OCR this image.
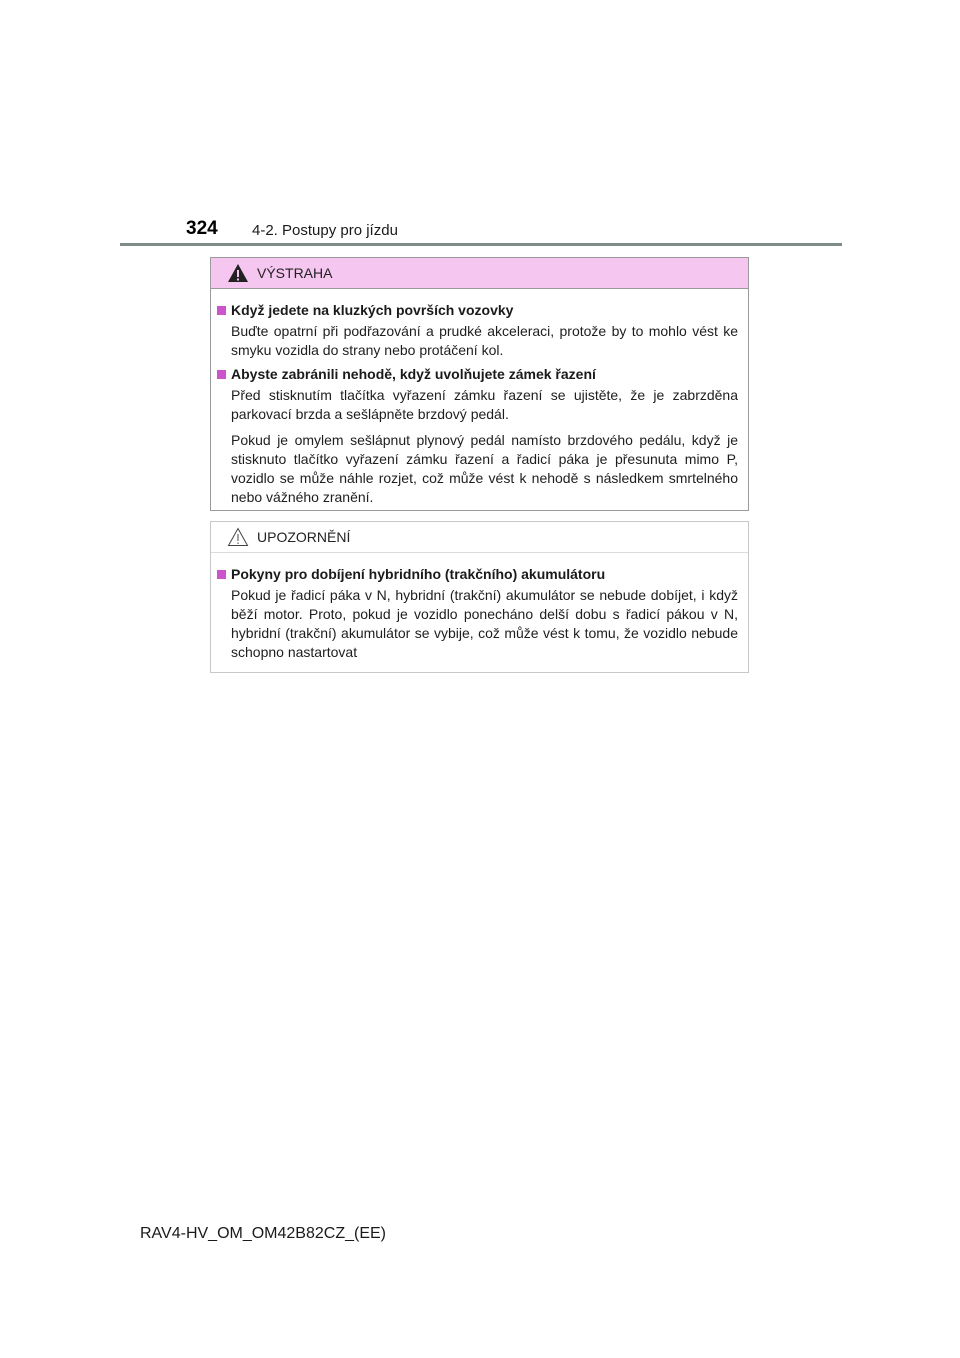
324 4-2. Postupy pro jízdu
VÝSTRAHA
Když jedete na kluzkých površích vozovky

Buďte opatrní při podřazování a prudké akceleraci, protože by to mohlo vést ke smyku vozidla do strany nebo protáčení kol.

Abyste zabránili nehodě, když uvolňujete zámek řazení

Před stisknutím tlačítka vyřazení zámku řazení se ujistěte, že je zabrzděna parkovací brzda a sešlápněte brzdový pedál.

Pokud je omylem sešlápnut plynový pedál namísto brzdového pedálu, když je stisknuto tlačítko vyřazení zámku řazení a řadicí páka je přesunuta mimo P, vozidlo se může náhle rozjet, což může vést k nehodě s následkem smrtelného nebo vážného zranění.

UPOZORNĚNÍ
Pokyny pro dobíjení hybridního (trakčního) akumulátoru

Pokud je řadicí páka v N, hybridní (trakční) akumulátor se nebude dobíjet, i když běží motor. Proto, pokud je vozidlo ponecháno delší dobu s řadicí pákou v N, hybridní (trakční) akumulátor se vybije, což může vést k tomu, že vozidlo nebude schopno nastartovat

RAV4-HV_OM_OM42B82CZ_(EE)
